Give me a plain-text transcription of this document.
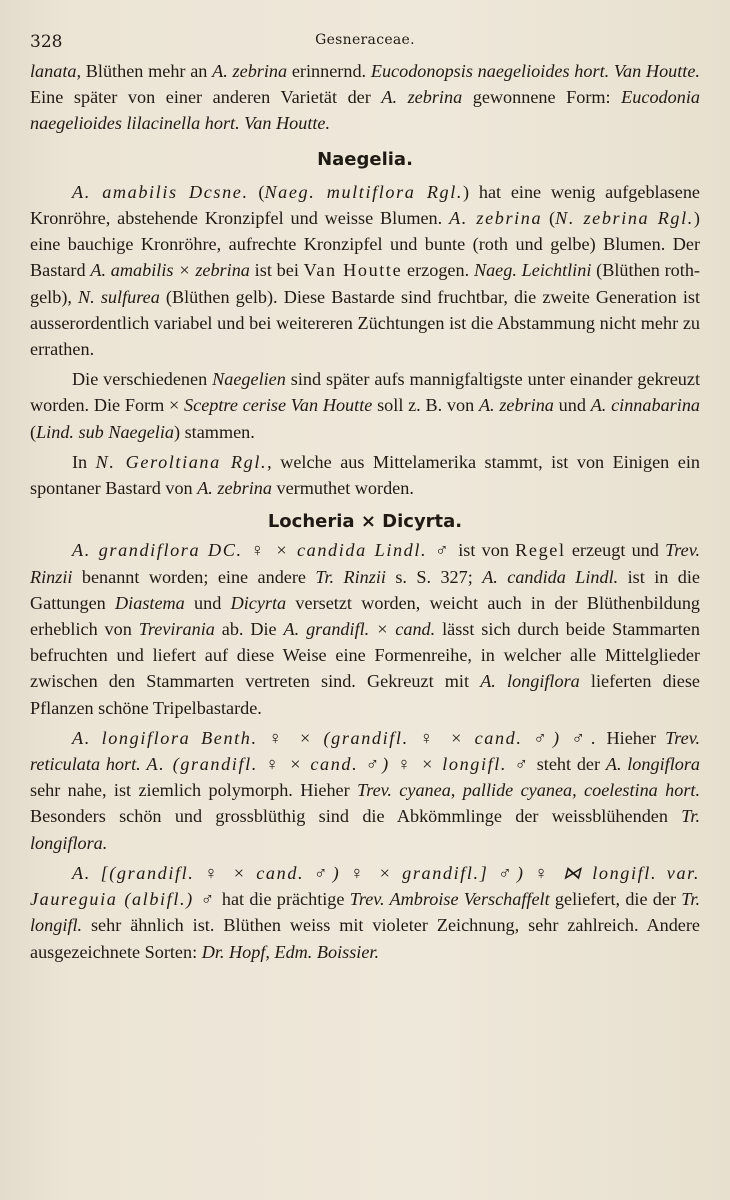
328	Gesneraceae.

lanata, Blüthen mehr an A. zebrina erinnernd. Eucodonopsis naegelioides hort. Van Houtte. Eine später von einer anderen Varietät der A. zebrina gewonnene Form: Eucodonia naegelioides lilacinella hort. Van Houtte.

Naegelia.

A. amabilis Dcsne. (Naeg. multiflora Rgl.) hat eine wenig aufgeblasene Kronröhre, abstehende Kronzipfel und weisse Blumen. A. zebrina (N. zebrina Rgl.) eine bauchige Kronröhre, aufrechte Kronzipfel und bunte (roth und gelbe) Blumen. Der Bastard A. amabilis × zebrina ist bei Van Houtte erzogen. Naeg. Leichtlini (Blüthen roth-gelb), N. sulfurea (Blüthen gelb). Diese Bastarde sind fruchtbar, die zweite Generation ist ausserordentlich variabel und bei weitereren Züchtungen ist die Abstammung nicht mehr zu errathen.

Die verschiedenen Naegelien sind später aufs mannigfaltigste unter einander gekreuzt worden. Die Form × Sceptre cerise Van Houtte soll z. B. von A. zebrina und A. cinnabarina (Lind. sub Naegelia) stammen.

In N. Geroltiana Rgl., welche aus Mittelamerika stammt, ist von Einigen ein spontaner Bastard von A. zebrina vermuthet worden.

Locheria × Dicyrta.

A. grandiflora DC. ♀ × candida Lindl. ♂ ist von Regel erzeugt und Trev. Rinzii benannt worden; eine andere Tr. Rinzii s. S. 327; A. candida Lindl. ist in die Gattungen Diastema und Dicyrta versetzt worden, weicht auch in der Blüthenbildung erheblich von Trevirania ab. Die A. grandifl. × cand. lässt sich durch beide Stammarten befruchten und liefert auf diese Weise eine Formenreihe, in welcher alle Mittelglieder zwischen den Stammarten vertreten sind. Gekreuzt mit A. longiflora lieferten diese Pflanzen schöne Tripelbastarde.

A. longiflora Benth. ♀ × (grandifl. ♀ × cand. ♂) ♂. Hieher Trev. reticulata hort. A. (grandifl. ♀ × cand. ♂) ♀ × longifl. ♂ steht der A. longiflora sehr nahe, ist ziemlich polymorph. Hieher Trev. cyanea, pallide cyanea, coelestina hort. Besonders schön und grossblüthig sind die Abkömmlinge der weissblühenden Tr. longiflora.

A. [(grandifl. ♀ × cand. ♂) ♀ × grandifl.] ♂) ♀ ⋈ longifl. var. Jaureguia (albifl.) ♂ hat die prächtige Trev. Ambroise Verschaffelt geliefert, die der Tr. longifl. sehr ähnlich ist. Blüthen weiss mit violeter Zeichnung, sehr zahlreich. Andere ausgezeichnete Sorten: Dr. Hopf, Edm. Boissier.
